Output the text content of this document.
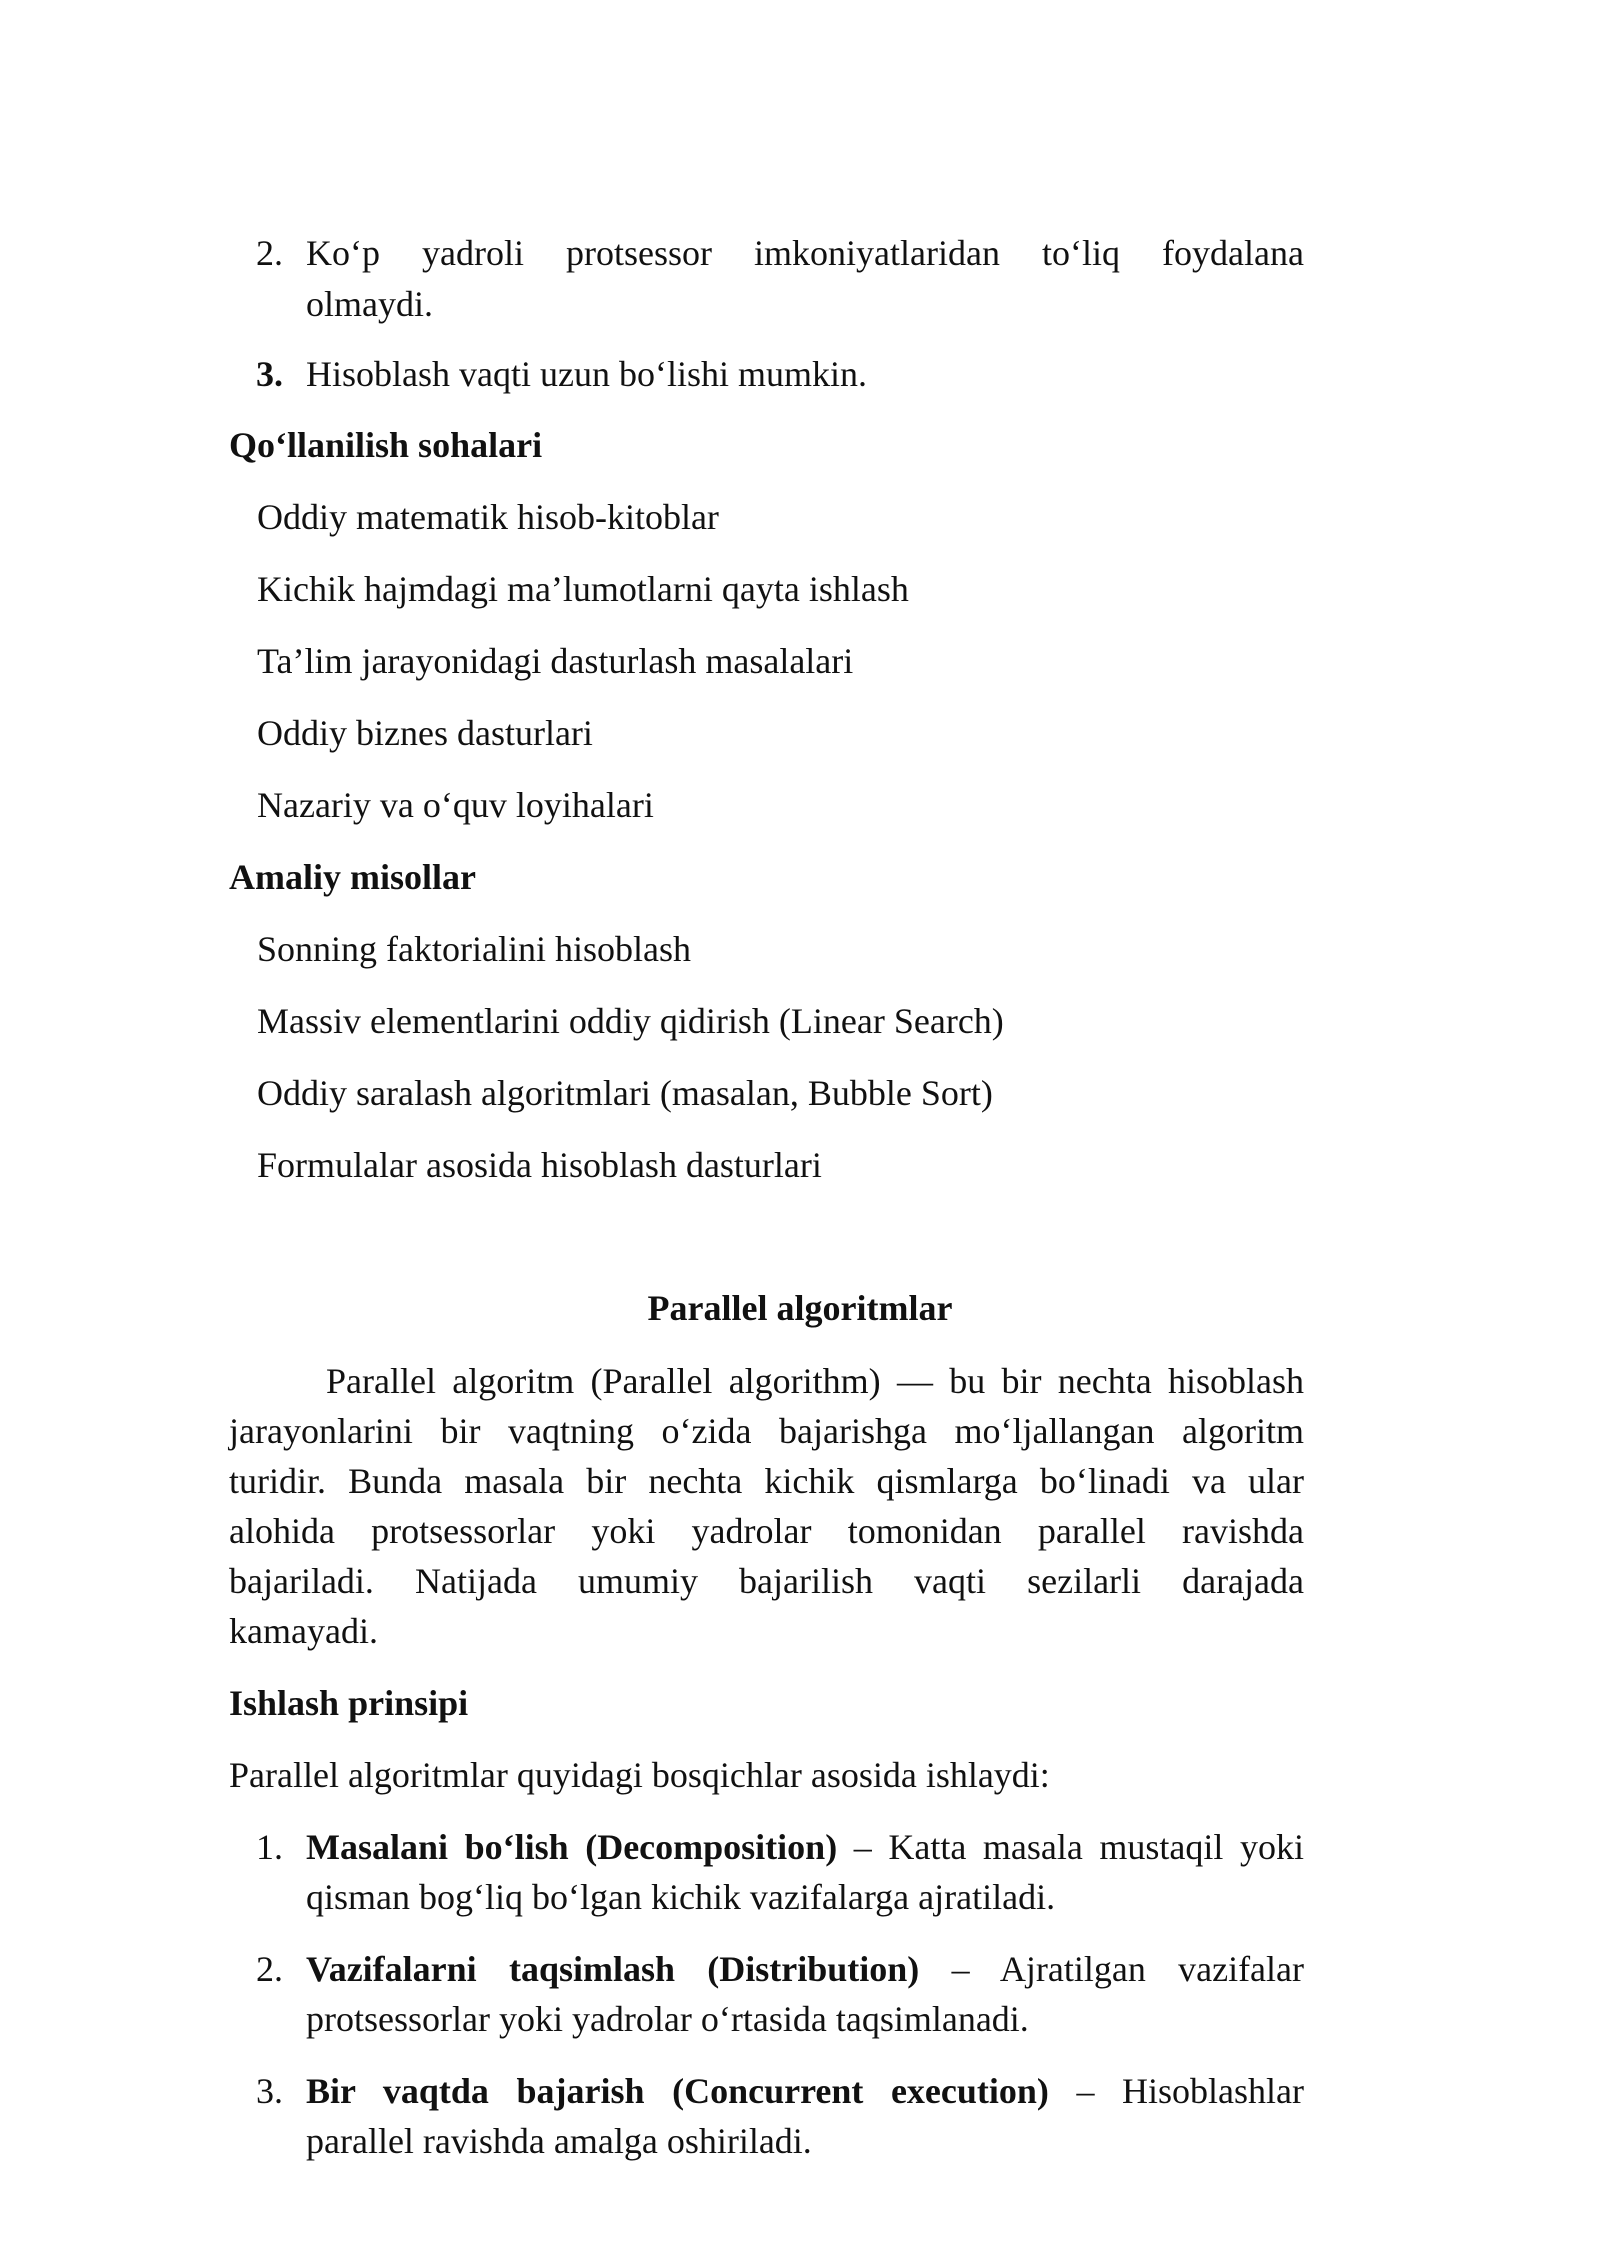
2. Ko‘p yadroli protsessor imkoniyatlaridan to‘liq foydalana
olmaydi.
3. Hisoblash vaqti uzun bo‘lishi mumkin.
Qo‘llanilish sohalari
Oddiy matematik hisob-kitoblar
Kichik hajmdagi ma’lumotlarni qayta ishlash
Ta’lim jarayonidagi dasturlash masalalari
Oddiy biznes dasturlari
Nazariy va o‘quv loyihalari
Amaliy misollar
Sonning faktorialini hisoblash
Massiv elementlarini oddiy qidirish (Linear Search)
Oddiy saralash algoritmlari (masalan, Bubble Sort)
Formulalar asosida hisoblash dasturlari
Parallel algoritmlar
Parallel algoritm (Parallel algorithm) — bu bir nechta hisoblash
jarayonlarini bir vaqtning o‘zida bajarishga mo‘ljallangan algoritm
turidir. Bunda masala bir nechta kichik qismlarga bo‘linadi va ular
alohida protsessorlar yoki yadrolar tomonidan parallel ravishda
bajariladi. Natijada umumiy bajarilish vaqti sezilarli darajada
kamayadi.
Ishlash prinsipi
Parallel algoritmlar quyidagi bosqichlar asosida ishlaydi:
1. Masalani bo‘lish (Decomposition) – Katta masala mustaqil yoki
qisman bog‘liq bo‘lgan kichik vazifalarga ajratiladi.
2. Vazifalarni taqsimlash (Distribution) – Ajratilgan vazifalar
protsessorlar yoki yadrolar o‘rtasida taqsimlanadi.
3. Bir vaqtda bajarish (Concurrent execution) – Hisoblashlar
parallel ravishda amalga oshiriladi.
